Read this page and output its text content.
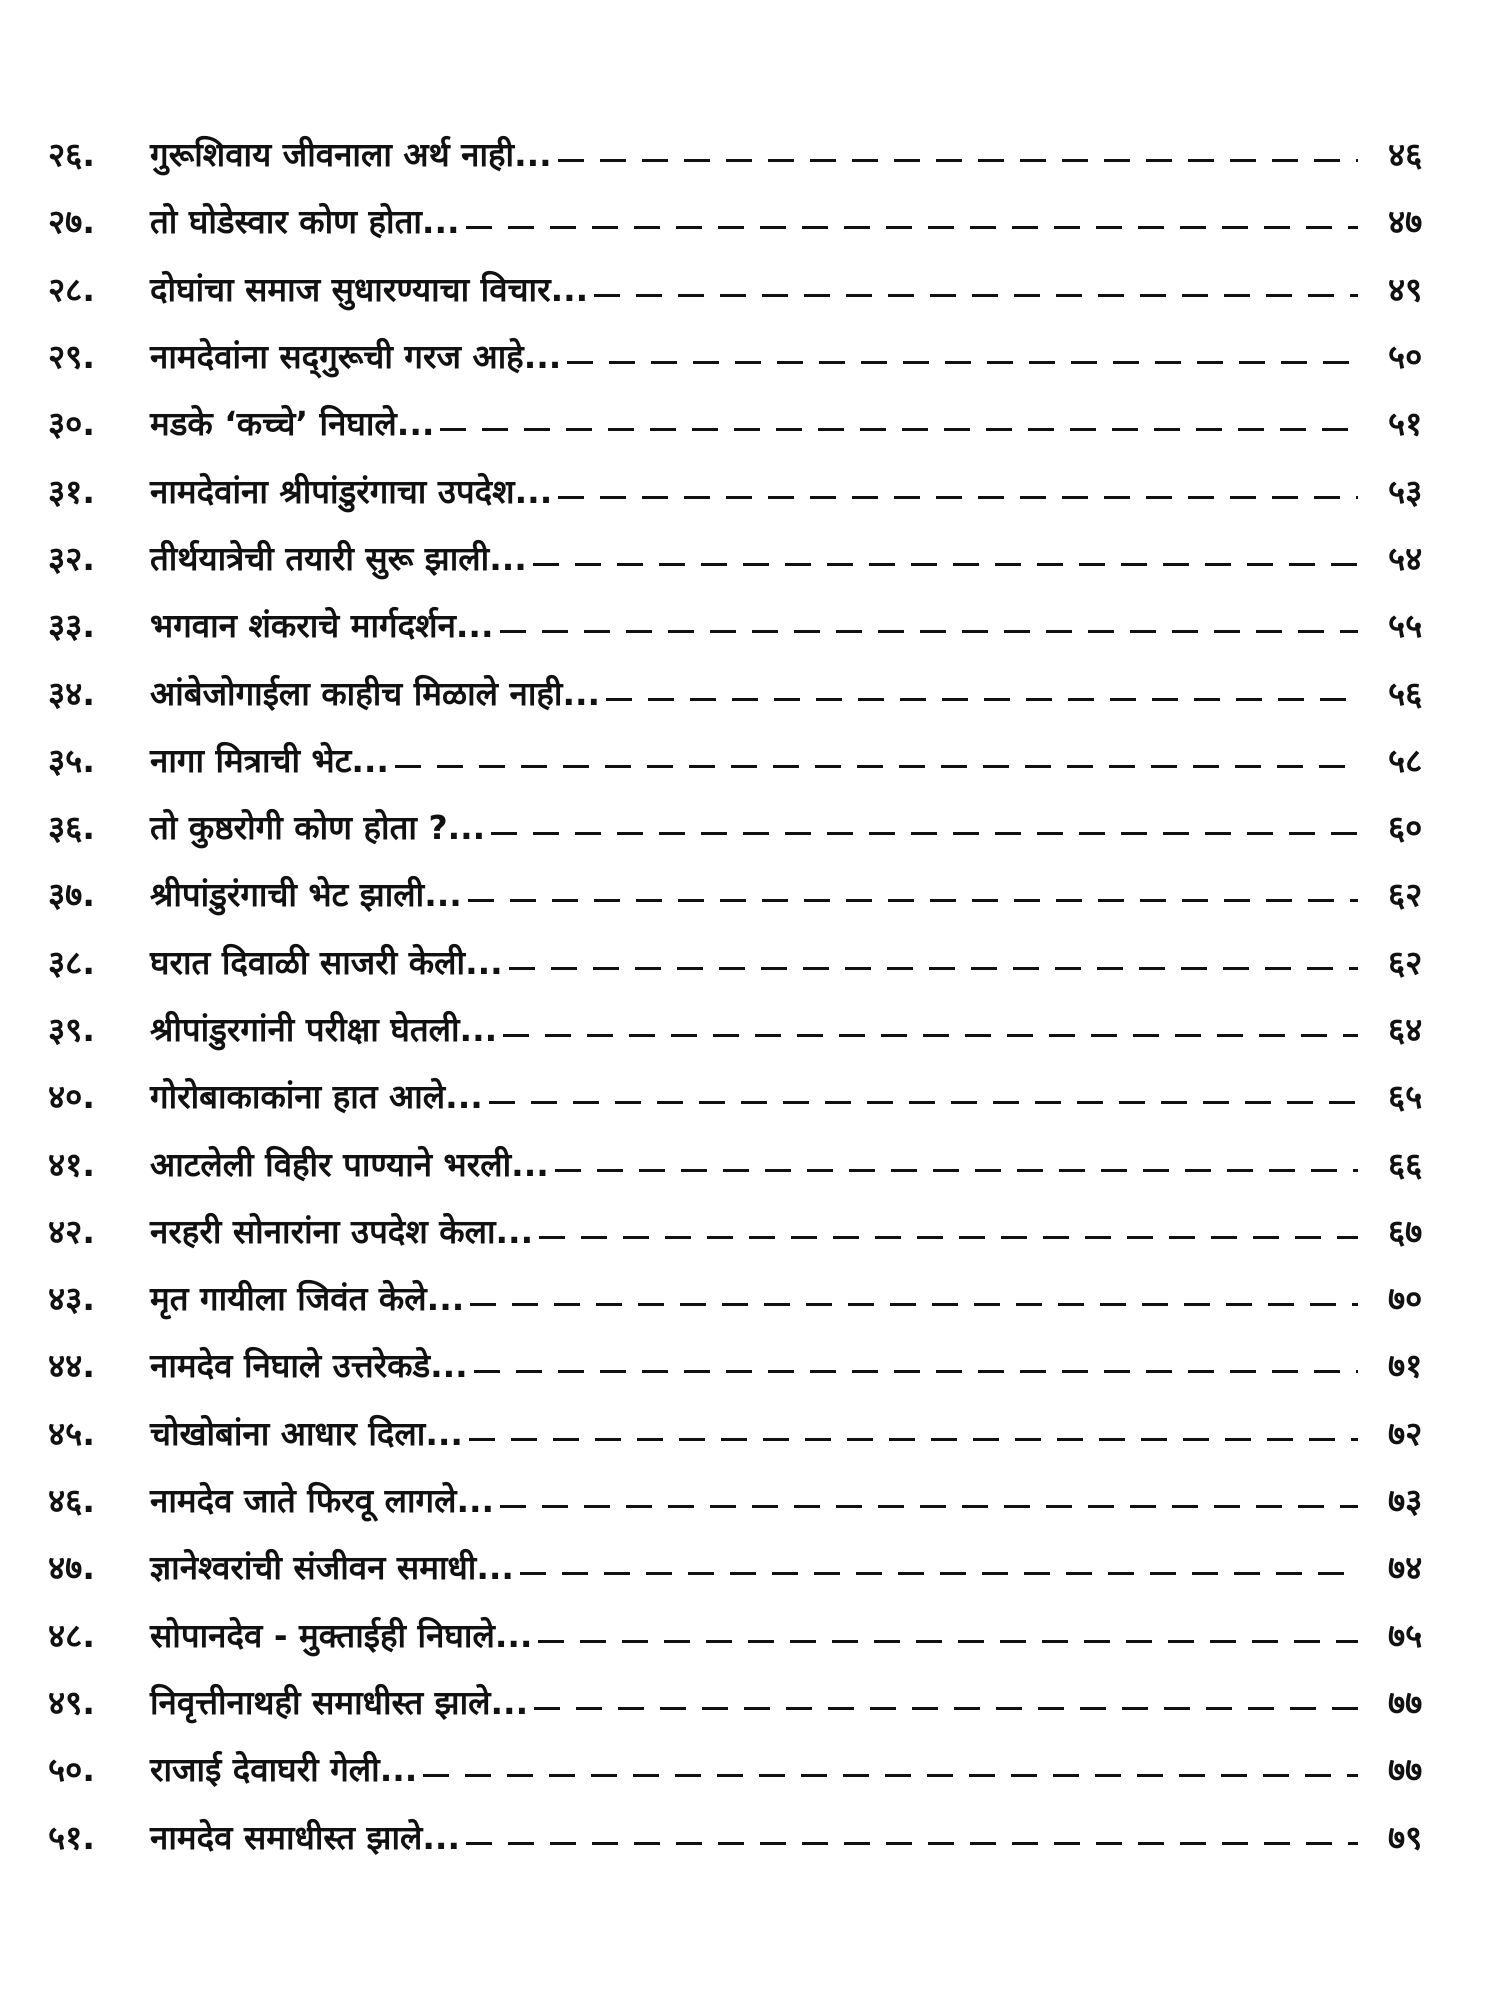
२६.	गुरूशिवाय जीवनाला अर्थ नाही...	४६
२७.	तो घोडेस्वार कोण होता...	४७
२८.	दोघांचा समाज सुधारण्याचा विचार...	४९
२९.	नामदेवांना सद्‌गुरूची गरज आहे...	५०
३०.	मडके ‘कच्चे’ निघाले...	५१
३१.	नामदेवांना श्रीपांडुरंगाचा उपदेश...	५३
३२.	तीर्थयात्रेची तयारी सुरू झाली...	५४
३३.	भगवान शंकराचे मार्गदर्शन...	५५
३४.	आंबेजोगाईला काहीच मिळाले नाही...	५६
३५.	नागा मित्राची भेट...	५८
३६.	तो कुष्ठरोगी कोण होता ?...	६०
३७.	श्रीपांडुरंगाची भेट झाली...	६२
३८.	घरात दिवाळी साजरी केली...	६२
३९.	श्रीपांडुरगांनी परीक्षा घेतली...	६४
४०.	गोरोबाकाकांना हात आले...	६५
४१.	आटलेली विहीर पाण्याने भरली...	६६
४२.	नरहरी सोनारांना उपदेश केला...	६७
४३.	मृत गायीला जिवंत केले...	७०
४४.	नामदेव निघाले उत्तरेकडे...	७१
४५.	चोखोबांना आधार दिला...	७२
४६.	नामदेव जाते फिरवू लागले...	७३
४७.	ज्ञानेश्वरांची संजीवन समाधी...	७४
४८.	सोपानदेव - मुक्ताईही निघाले...	७५
४९.	निवृत्तीनाथही समाधीस्त झाले...	७७
५०.	राजाई देवाघरी गेली...	७७
५१.	नामदेव समाधीस्त झाले...	७९
